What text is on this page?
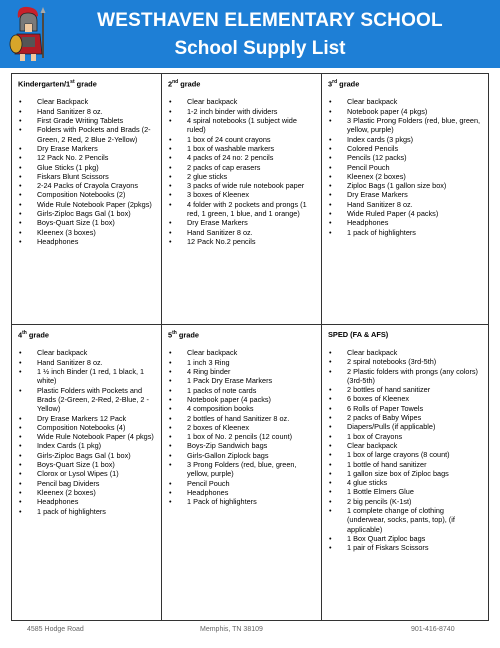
WESTHAVEN ELEMENTARY SCHOOL
School Supply List
Kindergarten/1st grade
• Clear Backpack
• Hand Sanitizer 8 oz.
• First Grade Writing Tablets
• Folders with Pockets and Brads (2-Green, 2 Red, 2 Blue 2-Yellow)
• Dry Erase Markers
• 12 Pack No. 2 Pencils
• Glue Sticks (1 pkg)
• Fiskars Blunt Scissors
• 2-24 Packs of Crayola Crayons
• Composition Notebooks (2)
• Wide Rule Notebook Paper (2pkgs)
• Girls-Ziploc Bags Gal (1 box)
• Boys-Quart Size (1 box)
• Kleenex (3 boxes)
• Headphones
2nd grade
• Clear backpack
• 1-2 inch binder with dividers
• 4 spiral notebooks (1 subject wide ruled)
• 1 box of 24 count crayons
• 1 box of washable markers
• 4 packs of 24 no: 2 pencils
• 2 packs of cap erasers
• 2 glue sticks
• 3 packs of wide rule notebook paper
• 3 boxes of Kleenex
• 4 folder with 2 pockets and prongs (1 red, 1 green, 1 blue, and 1 orange)
• Dry Erase Markers
• Hand Sanitizer 8 oz.
• 12 Pack No.2 pencils
3rd grade
• Clear backpack
• Notebook paper (4 pkgs)
• 3 Plastic Prong Folders (red, blue, green, yellow, purple)
• Index cards (3 pkgs)
• Colored Pencils
• Pencils (12 packs)
• Pencil Pouch
• Kleenex (2 boxes)
• Ziploc Bags (1 gallon size box)
• Dry Erase Markers
• Hand Sanitizer 8 oz.
• Wide Ruled Paper (4 packs)
• Headphones
• 1 pack of highlighters
4th grade
• Clear backpack
• Hand Sanitizer 8 oz.
• 1 ½ inch Binder (1 red, 1 black, 1 white)
• Plastic Folders with Pockets and Brads (2-Green, 2-Red, 2-Blue, 2 -Yellow)
• Dry Erase Markers 12 Pack
• Composition Notebooks (4)
• Wide Rule Notebook Paper (4 pkgs)
• Index Cards (1 pkg)
• Girls-Ziploc Bags Gal (1 box)
• Boys-Quart Size (1 box)
• Clorox or Lysol Wipes (1)
• Pencil bag Dividers
• Kleenex (2 boxes)
• Headphones
• 1 pack of highlighters
5th grade
• Clear backpack
• 1 inch 3 Ring
• 4 Ring binder
• 1 Pack Dry Erase Markers
• 1 packs of note cards
• Notebook paper (4 packs)
• 4 composition books
• 2 bottles of hand Sanitizer 8 oz.
• 2 boxes of Kleenex
• 1 box of No. 2 pencils (12 count)
• Boys-Zip Sandwich bags
• Girls-Gallon Ziplock bags
• 3 Prong Folders (red, blue, green, yellow, purple)
• Pencil Pouch
• Headphones
• 1 Pack of highlighters
SPED (FA & AFS)
• Clear backpack
• 2 spiral notebooks (3rd-5th)
• 2 Plastic folders with prongs (any colors) (3rd-5th)
• 2 bottles of hand sanitizer
• 6 boxes of Kleenex
• 6 Rolls of Paper Towels
• 2 packs of Baby Wipes
• Diapers/Pulls (if applicable)
• 1 box of Crayons
• Clear backpack
• 1 box of large crayons (8 count)
• 1 bottle of hand sanitizer
• 1 gallon size box of Ziploc bags
• 4 glue sticks
• 1 Bottle Elmers Glue
• 2 big pencils (K-1st)
• 1 complete change of clothing (underwear, socks, pants, top), (if applicable)
• 1 Box Quart Ziploc bags
• 1 pair of Fiskars Scissors
4585 Hodge Road	Memphis, TN 38109	901-416-8740
